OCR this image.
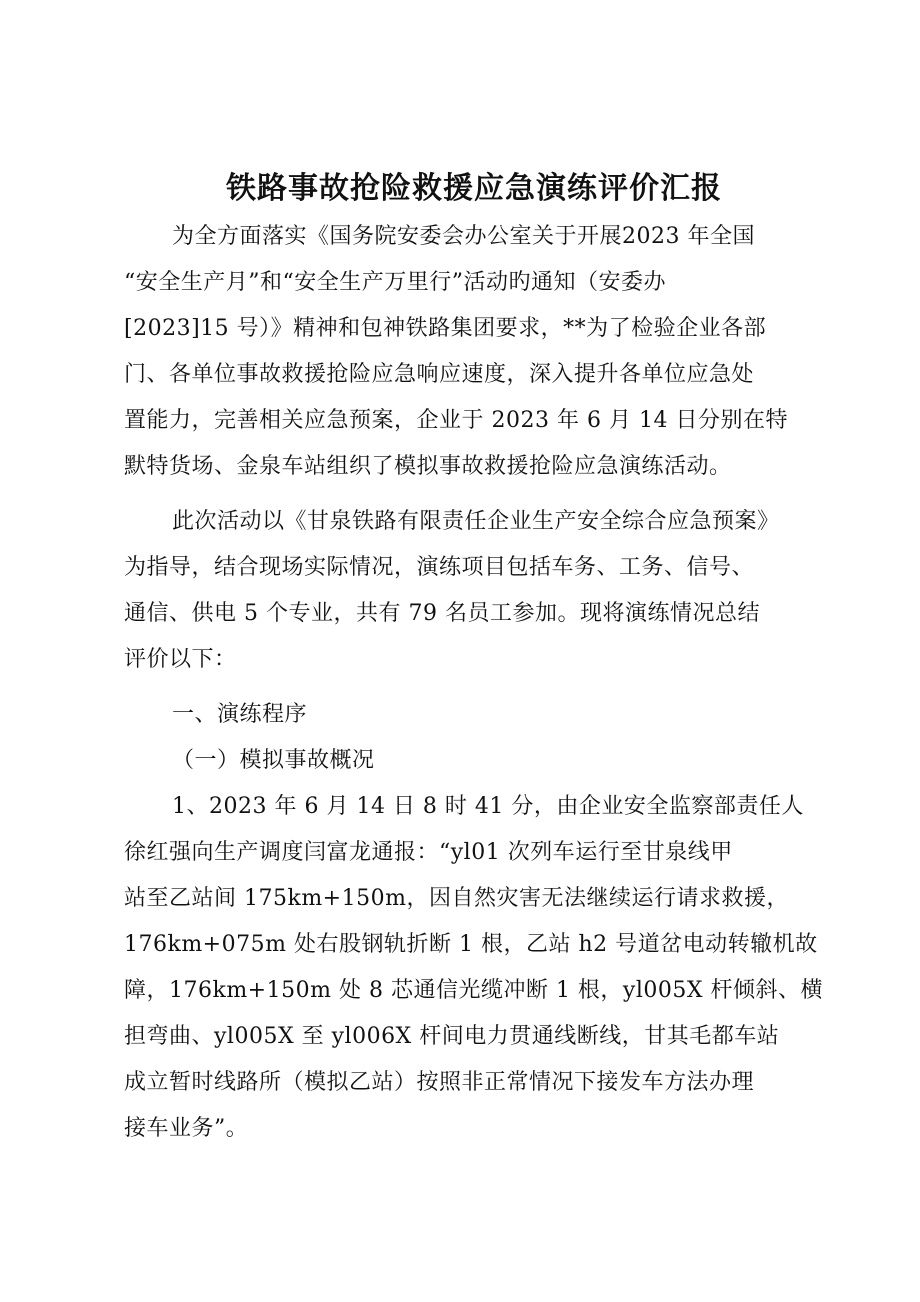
铁路事故抢险救援应急演练评价汇报
为全方面落实《国务院安委会办公室关于开展2023 年全国
“安全生产月”和“安全生产万里行”活动旳通知（安委办
[2023]15 号）》精神和包神铁路集团要求，**为了检验企业各部
门、各单位事故救援抢险应急响应速度，深入提升各单位应急处
置能力，完善相关应急预案，企业于 2023 年 6 月 14 日分别在特
默特货场、金泉车站组织了模拟事故救援抢险应急演练活动。
此次活动以《甘泉铁路有限责任企业生产安全综合应急预案》
为指导，结合现场实际情况，演练项目包括车务、工务、信号、
通信、供电 5 个专业，共有 79 名员工参加。现将演练情况总结
评价以下：
一、演练程序
（一）模拟事故概况
1、2023 年 6 月 14 日 8 时 41 分，由企业安全监察部责任人
徐红强向生产调度闫富龙通报：“yl01 次列车运行至甘泉线甲
站至乙站间 175km+150m，因自然灾害无法继续运行请求救援，
176km+075m 处右股钢轨折断 1 根，乙站 h2 号道岔电动转辙机故
障，176km+150m 处 8 芯通信光缆冲断 1 根，yl005X 杆倾斜、横
担弯曲、yl005X 至 yl006X 杆间电力贯通线断线，甘其毛都车站
成立暂时线路所（模拟乙站）按照非正常情况下接发车方法办理
接车业务”。
